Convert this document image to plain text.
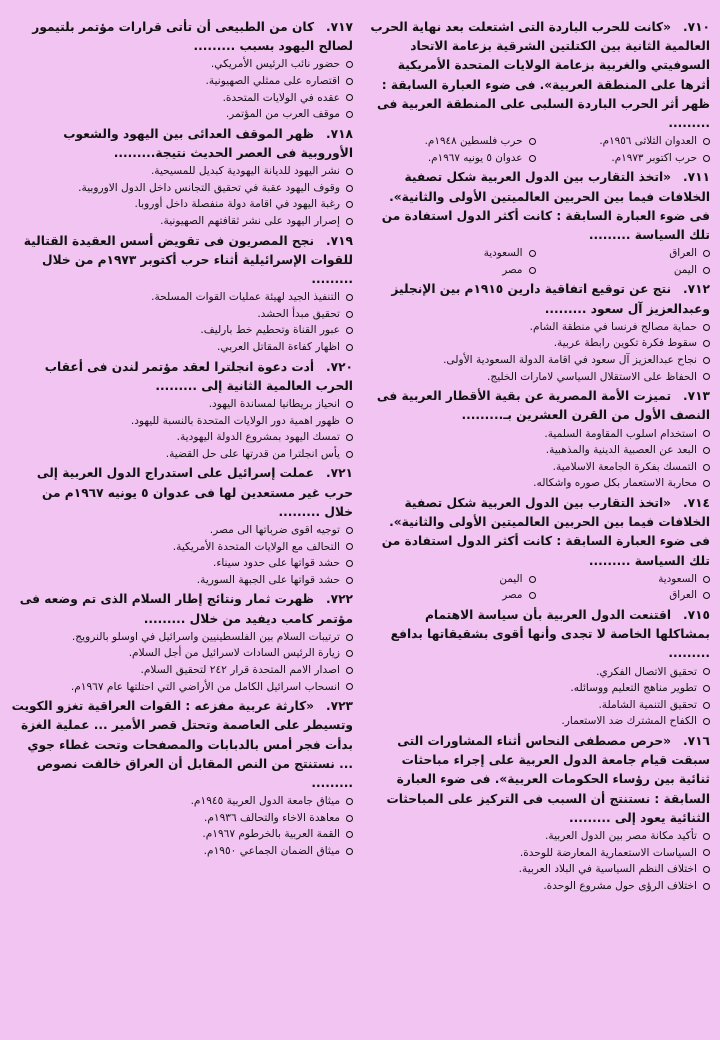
٧١٠.«كانت للحرب الباردة التى اشتعلت بعد نهاية الحرب العالمية الثانية بين الكتلتين الشرقية بزعامة الاتحاد السوفيتي والغربية بزعامة الولايات المتحدة الأمريكية أثرها على المنطقة العربية». فى ضوء العبارة السابقة : ظهر أثر الحرب الباردة السلبى على المنطقة العربية فى .........
العدوان الثلاثى ١٩٥٦م.
حرب فلسطين ١٩٤٨م.
حرب اكتوبر ١٩٧٣م.
عدوان ٥ يونيه ١٩٦٧م.
٧١١.«اتخذ التقارب بين الدول العربية شكل تصفية الخلافات فيما بين الحربين العالميتين الأولى والثانية». فى ضوء العبارة السابقة : كانت أكثر الدول استفادة من تلك السياسة .........
العراق
السعودية
اليمن
مصر
٧١٢.نتج عن توقيع اتفاقية دارين ١٩١٥م بين الإنجليز وعبدالعزيز آل سعود .........
حماية مصالح فرنسا في منطقة الشام.
سقوط فكرة تكوين رابطة عربية.
نجاح عبدالعزيز آل سعود في اقامة الدولة السعودية الأولى.
الحفاظ على الاستقلال السياسي لامارات الخليج.
٧١٣.تميزت الأمة المصرية عن بقية الأقطار العربية فى النصف الأول من القرن العشرين بـ.........
استخدام اسلوب المقاومة السلمية.
البعد عن العصبية الدينية والمذهبية.
التمسك بفكرة الجامعة الاسلامية.
محاربة الاستعمار بكل صوره واشكاله.
٧١٤.«اتخذ التقارب بين الدول العربية شكل تصفية الخلافات فيما بين الحربين العالميتين الأولى والثانية». فى ضوء العبارة السابقة : كانت أكثر الدول استفادة من تلك السياسة .........
السعودية
اليمن
العراق
مصر
٧١٥.اقتنعت الدول العربية بأن سياسة الاهتمام بمشاكلها الخاصة لا تجدى وأنها أقوى بشقيقاتها بدافع .........
تحقيق الاتصال الفكري.
تطوير مناهج التعليم ووسائله.
تحقيق التنمية الشاملة.
الكفاح المشترك ضد الاستعمار.
٧١٦.«حرص مصطفى النحاس أثناء المشاورات التى سبقت قيام جامعة الدول العربية على إجراء مباحثات ثنائية بين رؤساء الحكومات العربية». فى ضوء العبارة السابقة : نستنتج أن السبب فى التركيز على المباحثات الثنائية يعود إلى .........
تأكيد مكانة مصر بين الدول العربية.
السياسات الاستعمارية المعارضة للوحدة.
اختلاف النظم السياسية في البلاد العربية.
اختلاف الرؤى حول مشروع الوحدة.
٧١٧.كان من الطبيعى أن تأتى قرارات مؤتمر بلتيمور لصالح اليهود بسبب .........
حضور نائب الرئيس الأمريكي.
اقتصاره على ممثلي الصهيونية.
عقده في الولايات المتحدة.
موقف العرب من المؤتمر.
٧١٨.ظهر الموقف العدائى بين اليهود والشعوب الأوروبية فى العصر الحديث نتيجة.........
نشر اليهود للديانة اليهودية كبديل للمسيحية.
وقوف اليهود عقبة في تحقيق التجانس داخل الدول الاوروبية.
رغبة اليهود في اقامة دولة منفصلة داخل أوروبا.
إصرار اليهود على نشر ثقافتهم الصهيونية.
٧١٩.نجح المصريون فى تقويض أسس العقيدة القتالية للقوات الإسرائيلية أثناء حرب أكتوبر ١٩٧٣م من خلال .........
التنفيذ الجيد لهيئة عمليات القوات المسلحة.
تحقيق مبدأ الحشد.
عبور القناة وتحطيم خط بارليف.
اظهار كفاءة المقاتل العربي.
٧٢٠.أدت دعوة انجلترا لعقد مؤتمر لندن فى أعقاب الحرب العالمية الثانية إلى .........
انحياز بريطانيا لمساندة اليهود.
ظهور اهمية دور الولايات المتحدة بالنسبة لليهود.
تمسك اليهود بمشروع الدولة اليهودية.
يأس انجلترا من قدرتها على حل القضية.
٧٢١.عملت إسرائيل على استدراج الدول العربية إلى حرب غير مستعدين لها فى عدوان ٥ يونيه ١٩٦٧م من خلال .........
توجيه اقوى ضرباتها الى مصر.
التحالف مع الولايات المتحدة الأمريكية.
حشد قواتها على حدود سيناء.
حشد قواتها على الجبهة السورية.
٧٢٢.ظهرت ثمار ونتائج إطار السلام الذى تم وضعه فى مؤتمر كامب ديفيد من خلال .........
ترتيبات السلام بين الفلسطينيين واسرائيل في اوسلو بالنرويج.
زيارة الرئيس السادات لاسرائيل من أجل السلام.
اصدار الامم المتحدة قرار ٢٤٢ لتحقيق السلام.
انسحاب اسرائيل الكامل من الأراضي التي احتلتها عام ١٩٦٧م.
٧٢٣.«كارثة عربية مفزعه : القوات العراقية تغزو الكويت وتسيطر على العاصمة وتحتل قصر الأمير ... عملية الغزة بدأت فجر أمس بالدبابات والمصفحات وتحت غطاء جوي ... نستنتج من النص المقابل أن العراق خالفت نصوص .........
ميثاق جامعة الدول العربية ١٩٤٥م.
معاهدة الاخاء والتحالف ١٩٣٦م.
القمة العربية بالخرطوم ١٩٦٧م.
ميثاق الضمان الجماعي ١٩٥٠م.
